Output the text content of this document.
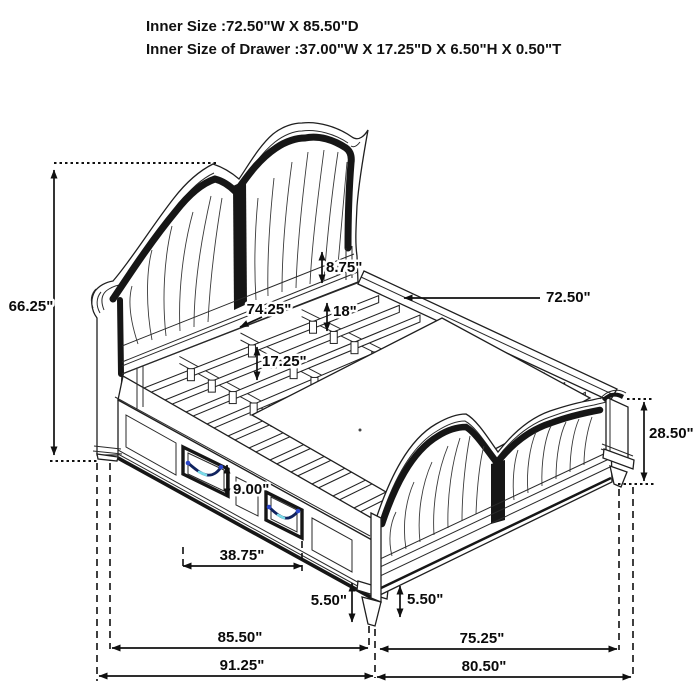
66.25"
8.75"
74.25"	18"
17.25"
72.50"
28.50"
9.00"
38.75"
5.50"	5.50"
85.50"
91.25"
75.25"
80.50"
Inner Size :72.50"W X 85.50"D
Inner Size of Drawer :37.00"W X 17.25"D X 6.50"H X 0.50"T
